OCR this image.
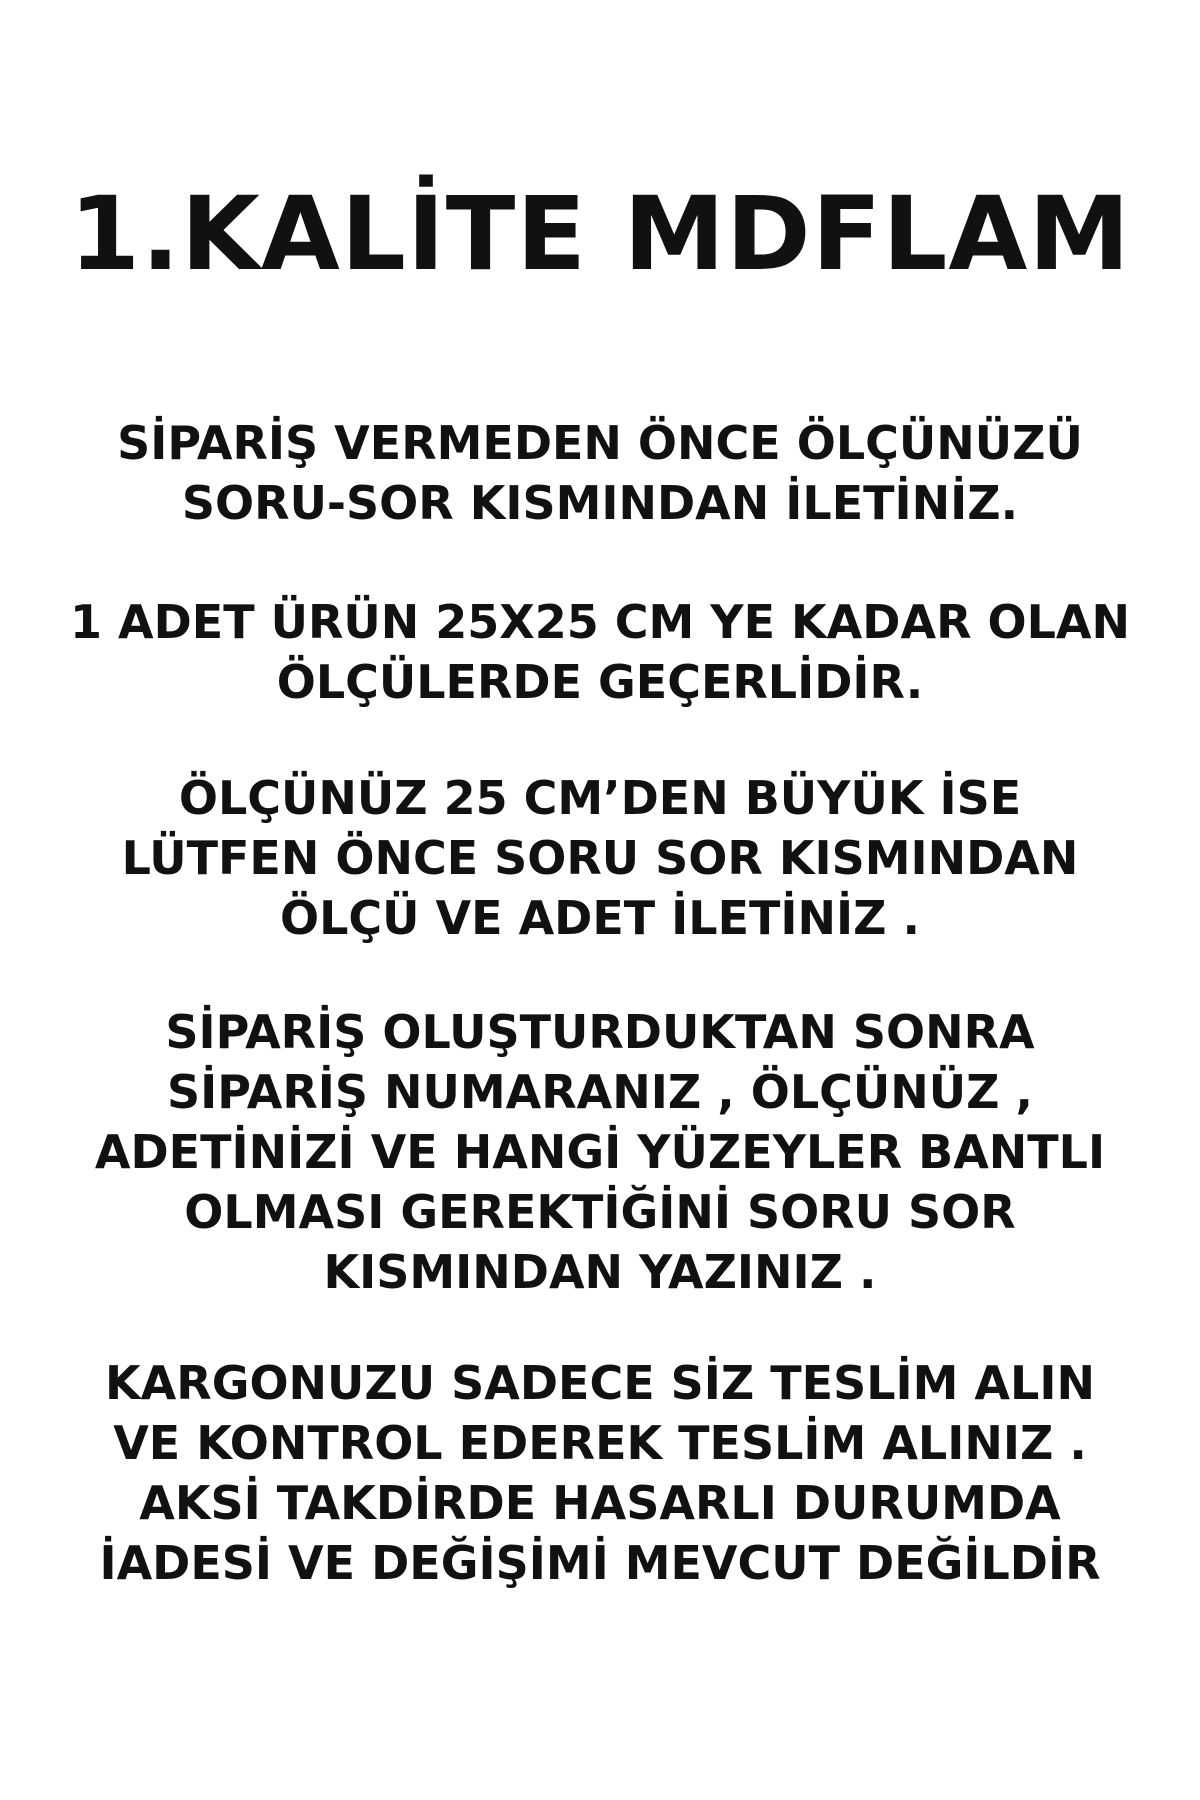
1.KALİTE MDFLAM
SİPARİŞ VERMEDEN ÖNCE ÖLÇÜNÜZÜ
SORU-SOR KISMINDAN İLETİNİZ.
1 ADET ÜRÜN 25X25 CM YE KADAR OLAN
ÖLÇÜLERDE GEÇERLİDİR.
ÖLÇÜNÜZ 25 CM’DEN BÜYÜK İSE
LÜTFEN ÖNCE SORU SOR KISMINDAN
ÖLÇÜ VE ADET İLETİNİZ .
SİPARİŞ OLUŞTURDUKTAN SONRA
SİPARİŞ NUMARANIZ , ÖLÇÜNÜZ ,
ADETİNİZİ VE HANGİ YÜZEYLER BANTLI
OLMASI GEREKTİĞİNİ SORU SOR
KISMINDAN YAZINIZ .
KARGONUZU SADECE SİZ TESLİM ALIN
VE KONTROL EDEREK TESLİM ALINIZ .
AKSİ TAKDİRDE HASARLI DURUMDA
İADESİ VE DEĞİŞİMİ MEVCUT DEĞİLDİR
